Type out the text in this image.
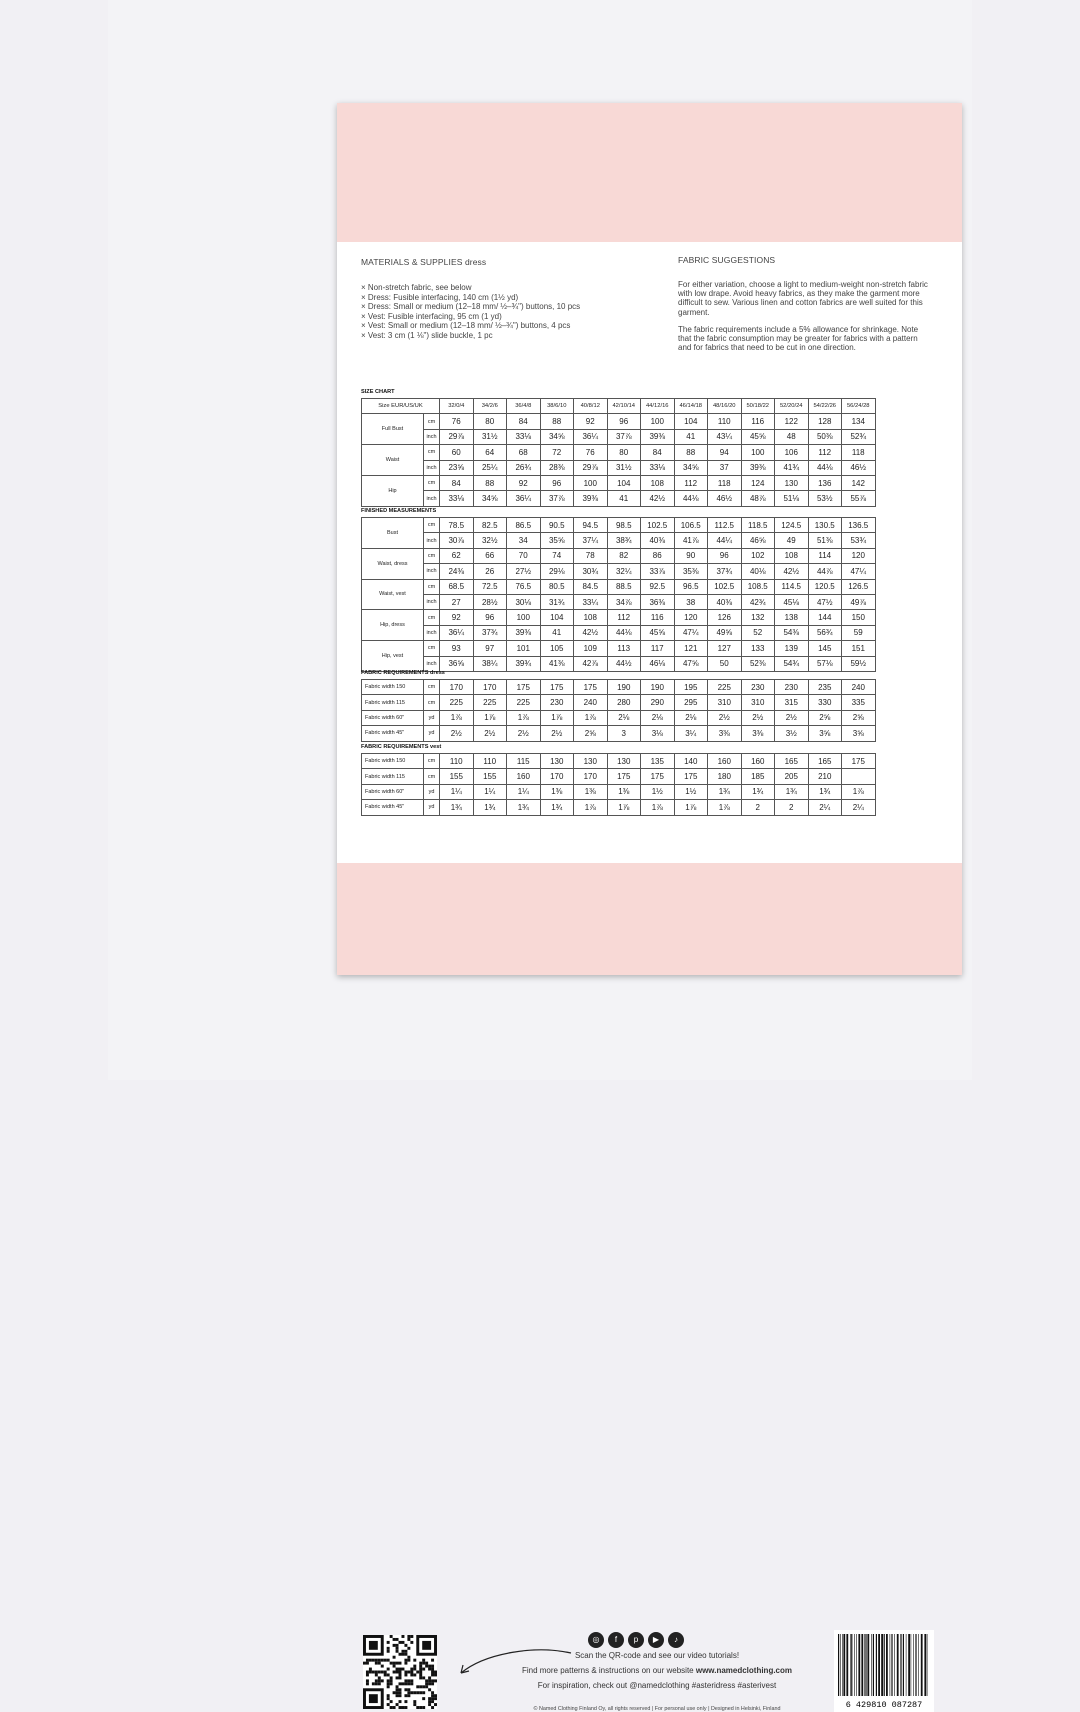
MATERIALS & SUPPLIES dress
× Non-stretch fabric, see below
× Dress: Fusible interfacing, 140 cm (1½ yd)
× Dress: Small or medium (12–18 mm/ ½–¾") buttons, 10 pcs
× Vest: Fusible interfacing, 95 cm (1 yd)
× Vest: Small or medium (12–18 mm/ ½–¾") buttons, 4 pcs
× Vest: 3 cm (1 ⅛") slide buckle, 1 pc
FABRIC SUGGESTIONS

For either variation, choose a light to medium-weight non-stretch fabric with low drape. Avoid heavy fabrics, as they make the garment more difficult to sew. Various linen and cotton fabrics are well suited for this garment.

The fabric requirements include a 5% allowance for shrinkage. Note that the fabric consumption may be greater for fabrics with a pattern and for fabrics that need to be cut in one direction.

SIZE CHART
Size EUR/US/UK		32/0/4	34/2/6	36/4/8	38/6/10	40/8/12	42/10/14	44/12/16	46/14/18	48/16/20	50/18/22	52/20/24	54/22/26	56/24/28
Full Bust	cm	76	80	84	88	92	96	100	104	110	116	122	128	134
	inch	29⅞	31½	33⅛	34⅝	36¼	37⅞	39⅜	41	43¼	45⅝	48	50⅜	52¾
Waist	cm	60	64	68	72	76	80	84	88	94	100	106	112	118
	inch	23⅝	25¼	26¾	28⅜	29⅞	31½	33⅛	34⅝	37	39⅜	41¾	44⅛	46½
Hip	cm	84	88	92	96	100	104	108	112	118	124	130	136	142
	inch	33⅛	34⅝	36¼	37⅞	39⅜	41	42½	44⅛	46½	48⅞	51⅛	53½	55⅞
FINISHED MEASUREMENTS
Bust	cm	78.5	82.5	86.5	90.5	94.5	98.5	102.5	106.5	112.5	118.5	124.5	130.5	136.5
	inch	30⅞	32½	34	35⅝	37¼	38¾	40⅜	41⅞	44¼	46⅝	49	51⅜	53¾
Waist, dress	cm	62	66	70	74	78	82	86	90	96	102	108	114	120
	inch	24⅜	26	27½	29⅛	30¾	32¼	33⅞	35⅜	37¾	40⅛	42½	44⅞	47¼
Waist, vest	cm	68.5	72.5	76.5	80.5	84.5	88.5	92.5	96.5	102.5	108.5	114.5	120.5	126.5
	inch	27	28½	30⅛	31¾	33¼	34⅞	36⅜	38	40⅜	42¾	45⅛	47½	49⅞
Hip, dress	cm	92	96	100	104	108	112	116	120	126	132	138	144	150
	inch	36¼	37¾	39⅜	41	42½	44⅛	45⅝	47¼	49⅝	52	54⅜	56¾	59
Hip, vest	cm	93	97	101	105	109	113	117	121	127	133	139	145	151
	inch	36⅝	38¼	39¾	41⅜	42⅞	44½	46⅛	47⅝	50	52⅜	54¾	57⅛	59½
FABRIC REQUIREMENTS dress
Fabric width 150	cm	170	170	175	175	175	190	190	195	225	230	230	235	240
Fabric width 115	cm	225	225	225	230	240	280	290	295	310	310	315	330	335
Fabric width 60"	yd	1⅞	1⅞	1⅞	1⅞	1⅞	2⅛	2⅛	2⅛	2½	2½	2½	2⅝	2⅝
Fabric width 45"	yd	2½	2½	2½	2½	2⅝	3	3⅛	3¼	3⅜	3⅜	3½	3⅝	3⅝
FABRIC REQUIREMENTS vest
Fabric width 150	cm	110	110	115	130	130	130	135	140	160	160	165	165	175
Fabric width 115	cm	155	155	160	170	170	175	175	175	180	185	205	210	
Fabric width 60"	yd	1¼	1¼	1¼	1⅜	1⅜	1⅜	1½	1½	1¾	1¾	1¾	1¾	1⅞
Fabric width 45"	yd	1¾	1¾	1¾	1¾	1⅞	1⅞	1⅞	1⅞	1⅞	2	2	2¼	2¼
◎	f	p	▶	♪
Scan the QR-code and see our video tutorials!
Find more patterns & instructions on our website www.namedclothing.com
For inspiration, check out @namedclothing #asteridress #asterivest
© Named Clothing Finland Oy, all rights reserved | For personal use only | Designed in Helsinki, Finland	6 429810 087287
